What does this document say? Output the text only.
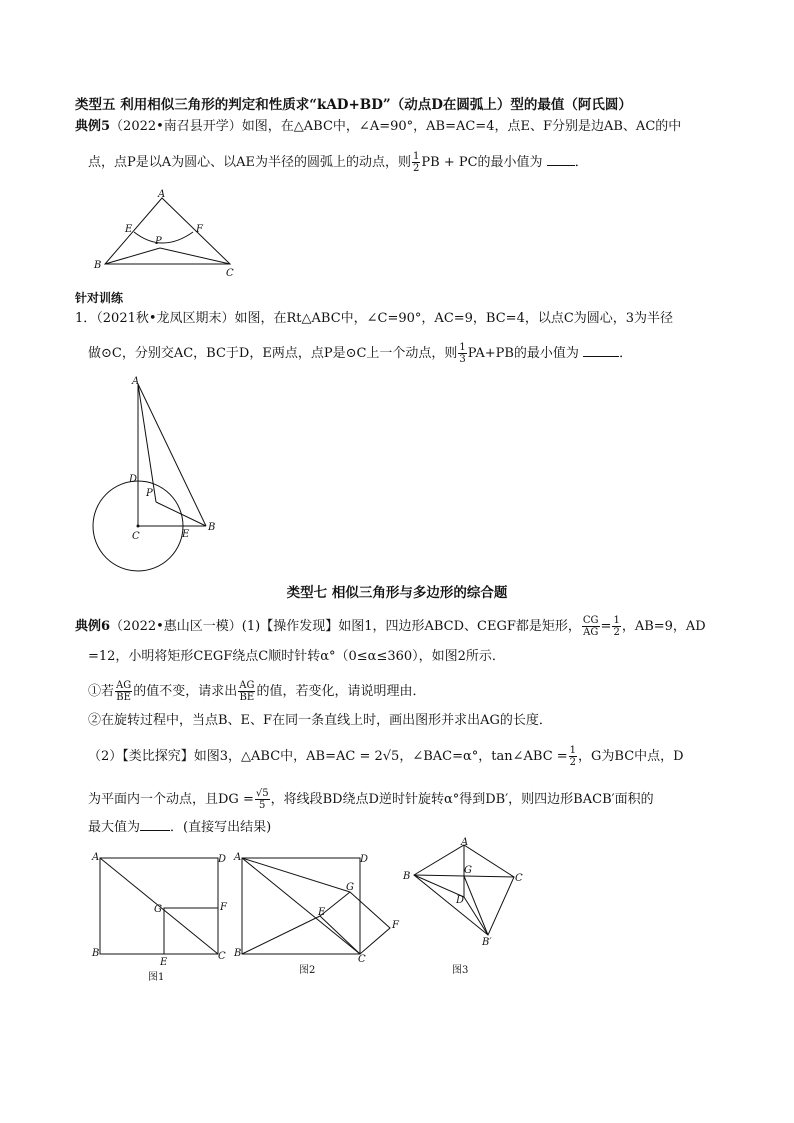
类型五 利用相似三角形的判定和性质求“kAD+BD”（动点D在圆弧上）型的最值（阿氏圆）
典例5（2022•南召县开学）如图，在△ABC中，∠A=90°，AB=AC=4，点E、F分别是边AB、AC的中
点，点P是以A为圆心、以AE为半径的圆弧上的动点，则 $\frac{1}{2}$ PB + PC的最小值为 ．
A
B
C
E	F
P
针对训练
1．（2021秋•龙凤区期末）如图，在Rt△ABC中，∠C=90°，AC=9，BC=4，以点C为圆心，3为半径
做⊙C，分别交AC，BC于D，E两点，点P是⊙C上一个动点，则 $\frac{1}{3} PA+PB$的最小值为	．
A
D
P
C	E
B
类型七 相似三角形与多边形的综合题
典例6（2022•惠山区一模）(1)【操作发现】如图1，四边形ABCD、CEGF都是矩形， $\frac{CG}{AG} = \frac{1}{2}$ ，AB=9，AD
=12，小明将矩形CEGF绕点C顺时针转α°（0≤α≤360），如图2所示．
①若 $\frac{AG}{BE}$ 的值不变，请求出 $\frac{AG}{BE}$ 的值，若变化，请说明理由．
②在旋转过程中，当点B、E、F在同一条直线上时，画出图形并求出AG的长度．
（2）【类比探究】如图3，△ABC中，AB=AC = 2√5，∠BAC=α°，tan∠ABC = $\frac{1}{2}$ ，G为BC中点，D
为平面内一个动点，且DG = $\frac{√5}{5}$ ，将线段BD绕点D逆时针旋转α°得到DB′，则四边形BACB′面积的
最大值为 ．(直接写出结果)
A	D
B	C
G	F
E
图1
A	D
B
C
G
E
F
图2
A
B	C
G
D
B′
图3
